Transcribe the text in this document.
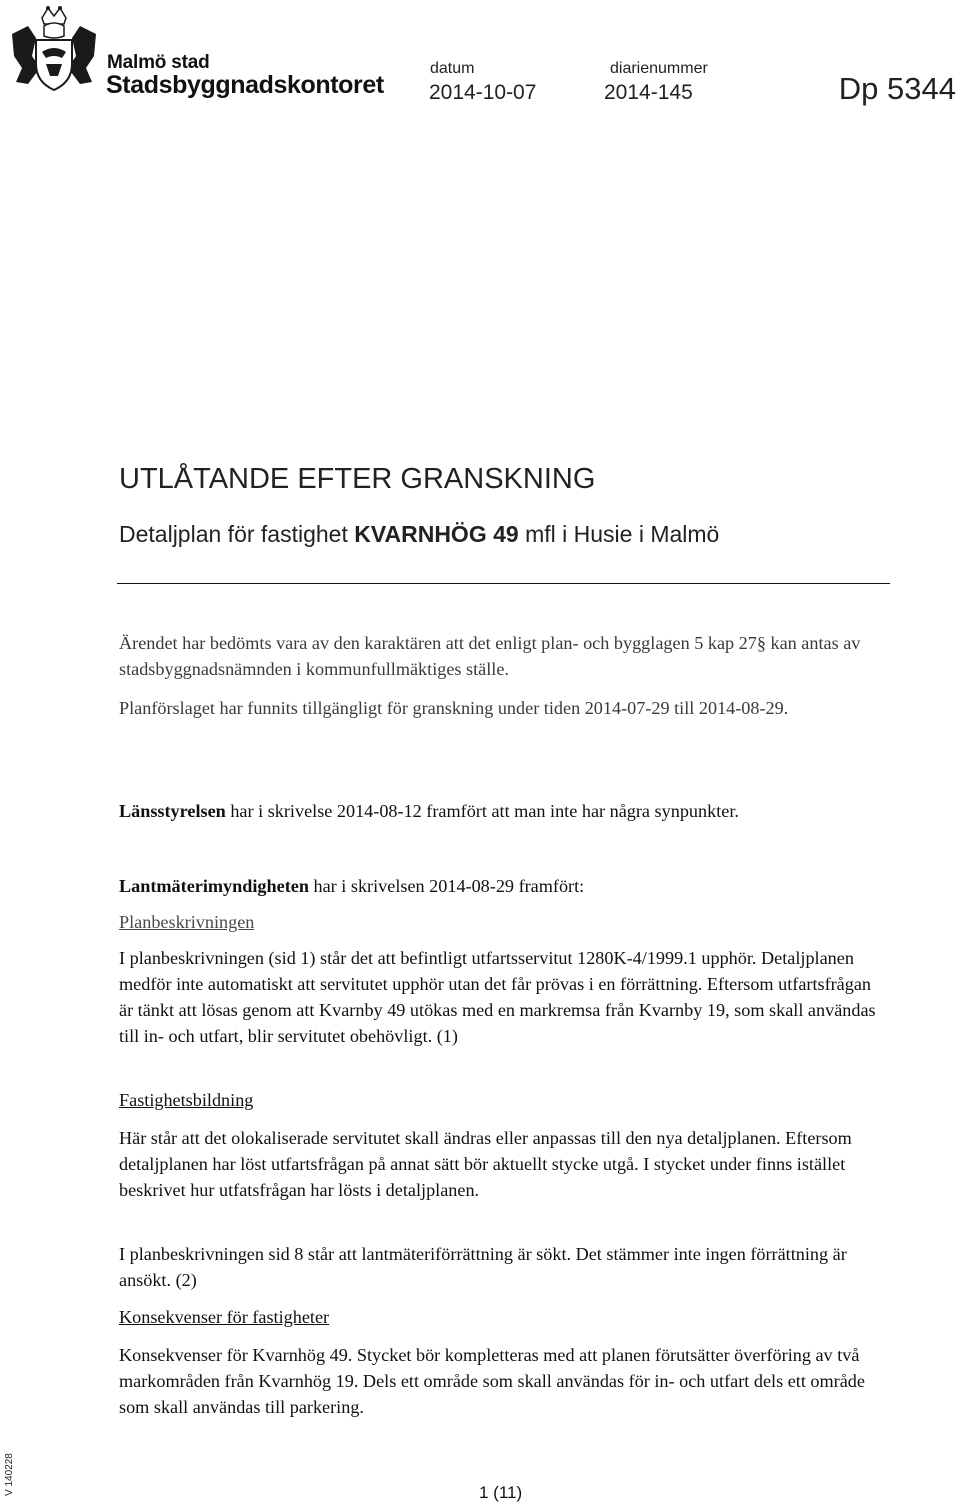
Malmö stad
Stadsbyggnadskontoret
datum
2014-10-07
diarienummer
2014-145	Dp 5344
UTLÅTANDE EFTER GRANSKNING
Detaljplan för fastighet KVARNHÖG 49 mfl i Husie i Malmö

Ärendet har bedömts vara av den karaktären att det enligt plan- och bygglagen 5 kap 27§ kan antas av stadsbyggnadsnämnden i kommunfullmäktiges ställe.

Planförslaget har funnits tillgängligt för granskning under tiden 2014-07-29 till 2014-08-29.

Länsstyrelsen har i skrivelse 2014-08-12 framfört att man inte har några synpunkter.

Lantmäterimyndigheten har i skrivelsen 2014-08-29 framfört:

Planbeskrivningen

I planbeskrivningen (sid 1) står det att befintligt utfartsservitut 1280K-4/1999.1 upphör. Detaljplanen medför inte automatiskt att servitutet upphör utan det får prövas i en förrättning. Eftersom utfartsfrågan är tänkt att lösas genom att Kvarnby 49 utökas med en markremsa från Kvarnby 19, som skall användas till in- och utfart, blir servitutet obehövligt. (1)

Fastighetsbildning

Här står att det olokaliserade servitutet skall ändras eller anpassas till den nya detaljplanen. Eftersom detaljplanen har löst utfartsfrågan på annat sätt bör aktuellt stycke utgå. I stycket under finns istället beskrivet hur utfatsfrågan har lösts i detaljplanen.

I planbeskrivningen sid 8 står att lantmäteriförrättning är sökt. Det stämmer inte ingen förrättning är ansökt. (2)

Konsekvenser för fastigheter

Konsekvenser för Kvarnhög 49. Stycket bör kompletteras med att planen förutsätter överföring av två markområden från Kvarnhög 19. Dels ett område som skall användas för in- och utfart dels ett område som skall användas till parkering.

V 140228	1 (11)
